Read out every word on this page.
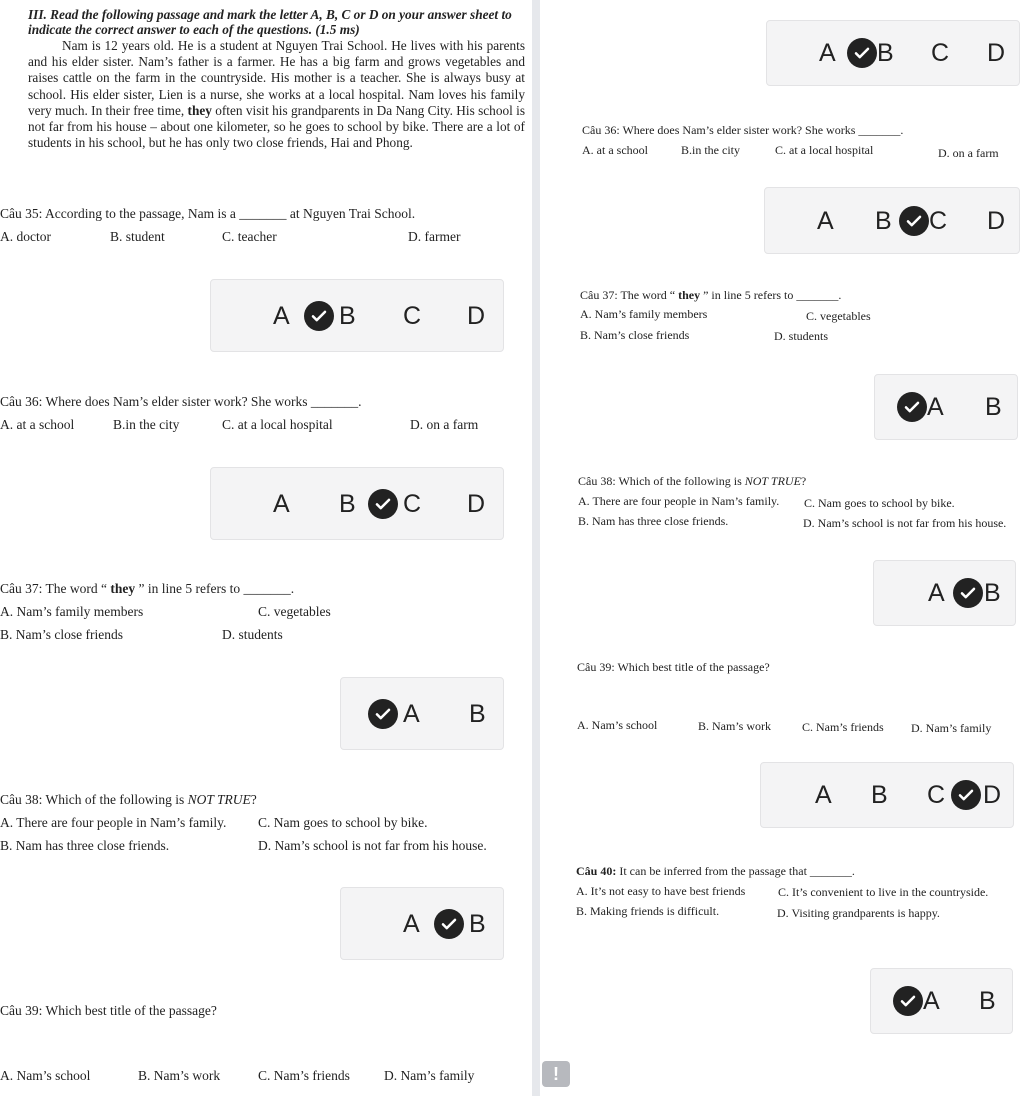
III. Read the following passage and mark the letter A, B, C or D on your answer sheet to indicate the correct answer to each of the questions. (1.5 ms)
Nam is 12 years old. He is a student at Nguyen Trai School. He lives with his parents and his elder sister. Nam’s father is a farmer. He has a big farm and grows vegetables and raises cattle on the farm in the countryside. His mother is a teacher. She is always busy at school. His elder sister, Lien is a nurse, she works at a local hospital. Nam loves his family very much. In their free time, they often visit his grandparents in Da Nang City. His school is not far from his house – about one kilometer, so he goes to school by bike. There are a lot of students in his school, but he has only two close friends, Hai and Phong.
Câu 35: According to the passage, Nam is a _______ at Nguyen Trai School.
A. doctor	B. student	C. teacher	D. farmer
A B C D
Câu 36: Where does Nam’s elder sister work? She works _______.
A. at a school	B.in the city	C. at a local hospital	D. on a farm
A B C D
Câu 37: The word “ they ” in line 5 refers to _______.
A. Nam’s family members	C. vegetables
B. Nam’s close friends	D. students
A B
Câu 38: Which of the following is NOT TRUE?
A. There are four people in Nam’s family. C. Nam goes to school by bike.
B. Nam has three close friends.	D. Nam’s school is not far from his house.
A B
Câu 39: Which best title of the passage?
A. Nam’s school	B. Nam’s work	C. Nam’s friends	D. Nam’s family
A B C D
Câu 36: Where does Nam’s elder sister work? She works _______.
A. at a school	B.in the city	C. at a local hospital	D. on a farm
A B C D
Câu 37: The word “ they ” in line 5 refers to _______.
A. Nam’s family members	C. vegetables
B. Nam’s close friends	D. students
A B
Câu 38: Which of the following is NOT TRUE?
A. There are four people in Nam’s family. C. Nam goes to school by bike.
B. Nam has three close friends.	D. Nam’s school is not far from his house.
A B
Câu 39: Which best title of the passage?
A. Nam’s school	B. Nam’s work	C. Nam’s friends D. Nam’s family
A B C D
Câu 40: It can be inferred from the passage that _______.
A. It’s not easy to have best friends	C. It’s convenient to live in the countryside.
B. Making friends is difficult.	D. Visiting grandparents is happy.
A B
!
